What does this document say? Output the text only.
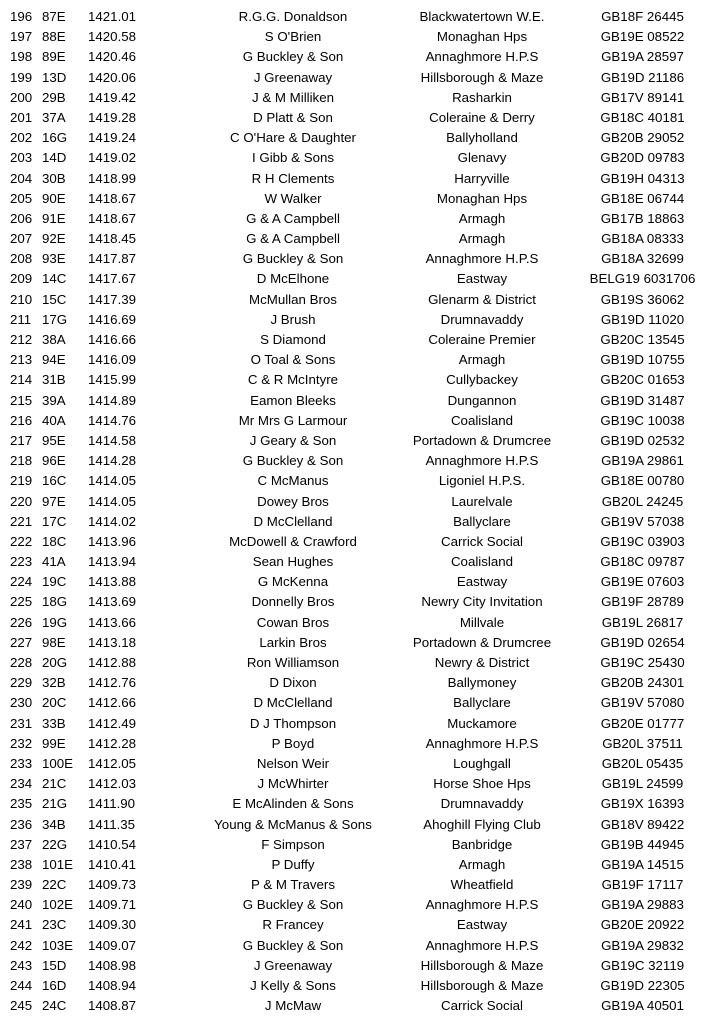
196 87E	1421.01	R.G.G. Donaldson	Blackwatertown W.E.	GB18F 26445
197 88E	1420.58	S O'Brien	Monaghan Hps	GB19E 08522
198 89E	1420.46	G Buckley & Son	Annaghmore H.P.S	GB19A 28597
199 13D	1420.06	J Greenaway	Hillsborough & Maze	GB19D 21186
200 29B	1419.42	J & M Milliken	Rasharkin	GB17V 89141
201 37A	1419.28	D Platt & Son	Coleraine & Derry	GB18C 40181
202 16G	1419.24	C O'Hare & Daughter	Ballyholland	GB20B 29052
203 14D	1419.02	I Gibb & Sons	Glenavy	GB20D 09783
204 30B	1418.99	R H Clements	Harryville	GB19H 04313
205 90E	1418.67	W Walker	Monaghan Hps	GB18E 06744
206 91E	1418.67	G & A Campbell	Armagh	GB17B 18863
207 92E	1418.45	G & A Campbell	Armagh	GB18A 08333
208 93E	1417.87	G Buckley & Son	Annaghmore H.P.S	GB18A 32699
209 14C	1417.67	D McElhone	Eastway	BELG19 6031706
210 15C	1417.39	McMullan Bros	Glenarm & District	GB19S 36062
211 17G	1416.69	J Brush	Drumnavaddy	GB19D 11020
212 38A	1416.66	S Diamond	Coleraine Premier	GB20C 13545
213 94E	1416.09	O Toal & Sons	Armagh	GB19D 10755
214 31B	1415.99	C & R McIntyre	Cullybackey	GB20C 01653
215 39A	1414.89	Eamon Bleeks	Dungannon	GB19D 31487
216 40A	1414.76	Mr Mrs G Larmour	Coalisland	GB19C 10038
217 95E	1414.58	J Geary & Son	Portadown & Drumcree	GB19D 02532
218 96E	1414.28	G Buckley & Son	Annaghmore H.P.S	GB19A 29861
219 16C	1414.05	C McManus	Ligoniel H.P.S.	GB18E 00780
220 97E	1414.05	Dowey Bros	Laurelvale	GB20L 24245
221 17C	1414.02	D McClelland	Ballyclare	GB19V 57038
222 18C	1413.96	McDowell & Crawford	Carrick Social	GB19C 03903
223 41A	1413.94	Sean Hughes	Coalisland	GB18C 09787
224 19C	1413.88	G McKenna	Eastway	GB19E 07603
225 18G	1413.69	Donnelly Bros	Newry City Invitation	GB19F 28789
226 19G	1413.66	Cowan Bros	Millvale	GB19L 26817
227 98E	1413.18	Larkin Bros	Portadown & Drumcree	GB19D 02654
228 20G	1412.88	Ron Williamson	Newry & District	GB19C 25430
229 32B	1412.76	D Dixon	Ballymoney	GB20B 24301
230 20C	1412.66	D McClelland	Ballyclare	GB19V 57080
231 33B	1412.49	D J Thompson	Muckamore	GB20E 01777
232 99E	1412.28	P Boyd	Annaghmore H.P.S	GB20L 37511
233 100E	1412.05	Nelson Weir	Loughgall	GB20L 05435
234 21C	1412.03	J McWhirter	Horse Shoe Hps	GB19L 24599
235 21G	1411.90	E McAlinden & Sons	Drumnavaddy	GB19X 16393
236 34B	1411.35	Young & McManus & Sons	Ahoghill Flying Club	GB18V 89422
237 22G	1410.54	F Simpson	Banbridge	GB19B 44945
238 101E	1410.41	P Duffy	Armagh	GB19A 14515
239 22C	1409.73	P & M Travers	Wheatfield	GB19F 17117
240 102E	1409.71	G Buckley & Son	Annaghmore H.P.S	GB19A 29883
241 23C	1409.30	R Francey	Eastway	GB20E 20922
242 103E	1409.07	G Buckley & Son	Annaghmore H.P.S	GB19A 29832
243 15D	1408.98	J Greenaway	Hillsborough & Maze	GB19C 32119
244 16D	1408.94	J Kelly & Sons	Hillsborough & Maze	GB19D 22305
245 24C	1408.87	J McMaw	Carrick Social	GB19A 40501
